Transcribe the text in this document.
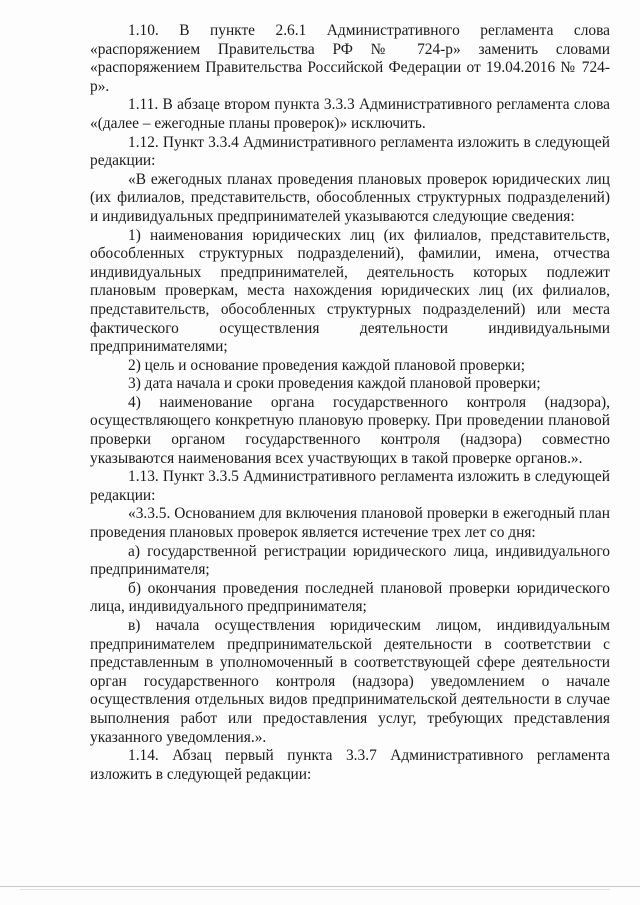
1.10. В пункте 2.6.1 Административного регламента слова «распоряжением Правительства РФ № 724-р» заменить словами «распоряжением Правительства Российской Федерации от 19.04.2016 № 724-р».

1.11. В абзаце втором пункта 3.3.3 Административного регламента слова «(далее – ежегодные планы проверок)» исключить.

1.12. Пункт 3.3.4 Административного регламента изложить в следующей редакции:

«В ежегодных планах проведения плановых проверок юридических лиц (их филиалов, представительств, обособленных структурных подразделений) и индивидуальных предпринимателей указываются следующие сведения:

1) наименования юридических лиц (их филиалов, представительств, обособленных структурных подразделений), фамилии, имена, отчества индивидуальных предпринимателей, деятельность которых подлежит плановым проверкам, места нахождения юридических лиц (их филиалов, представительств, обособленных структурных подразделений) или места фактического осуществления деятельности индивидуальными предпринимателями;

2) цель и основание проведения каждой плановой проверки;

3) дата начала и сроки проведения каждой плановой проверки;

4) наименование органа государственного контроля (надзора), осуществляющего конкретную плановую проверку. При проведении плановой проверки органом государственного контроля (надзора) совместно указываются наименования всех участвующих в такой проверке органов.».

1.13. Пункт 3.3.5 Административного регламента изложить в следующей редакции:

«3.3.5. Основанием для включения плановой проверки в ежегодный план проведения плановых проверок является истечение трех лет со дня:

а) государственной регистрации юридического лица, индивидуального предпринимателя;

б) окончания проведения последней плановой проверки юридического лица, индивидуального предпринимателя;

в) начала осуществления юридическим лицом, индивидуальным предпринимателем предпринимательской деятельности в соответствии с представленным в уполномоченный в соответствующей сфере деятельности орган государственного контроля (надзора) уведомлением о начале осуществления отдельных видов предпринимательской деятельности в случае выполнения работ или предоставления услуг, требующих представления указанного уведомления.».

1.14. Абзац первый пункта 3.3.7 Административного регламента изложить в следующей редакции:
